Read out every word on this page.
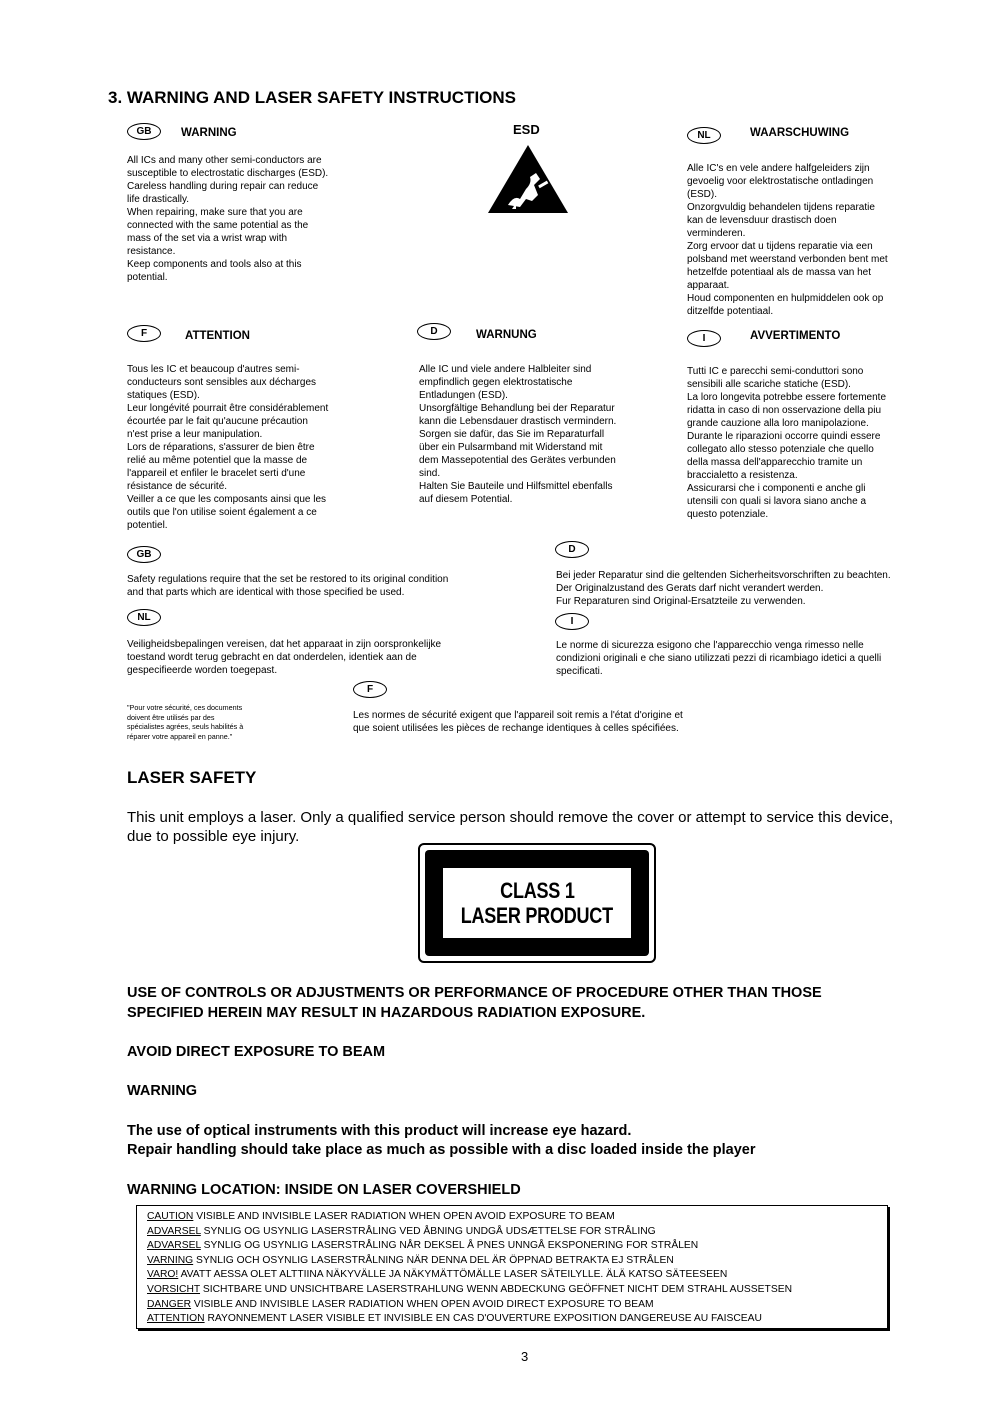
3. WARNING AND LASER SAFETY INSTRUCTIONS
GB	WARNING
All ICs and many other semi-conductors are
susceptible to electrostatic discharges (ESD).
Careless handling during repair can reduce
life drastically.
When repairing, make sure that you are
connected with the same potential as the
mass of the set via a wrist wrap with
resistance.
Keep components and tools also at this
potential.
ESD	NL	WAARSCHUWING
Alle IC's en vele andere halfgeleiders zijn
gevoelig voor elektrostatische ontladingen
(ESD).
Onzorgvuldig behandelen tijdens reparatie
kan de levensduur drastisch doen
verminderen.
Zorg ervoor dat u tijdens reparatie via een
polsband met weerstand verbonden bent met
hetzelfde potentiaal als de massa van het
apparaat.
Houd componenten en hulpmiddelen ook op
ditzelfde potentiaal.
F	ATTENTION
Tous les IC et beaucoup d'autres semi-
conducteurs sont sensibles aux décharges
statiques (ESD).
Leur longévité pourrait être considérablement
écourtée par le fait qu'aucune précaution
n'est prise a leur manipulation.
Lors de réparations, s'assurer de bien être
relié au même potentiel que la masse de
l'appareil et enfiler le bracelet serti d'une
résistance de sécurité.
Veiller a ce que les composants ainsi que les
outils que l'on utilise soient également a ce
potentiel.
D	WARNUNG
Alle IC und viele andere Halbleiter sind
empfindlich gegen elektrostatische
Entladungen (ESD).
Unsorgfältige Behandlung bei der Reparatur
kann die Lebensdauer drastisch vermindern.
Sorgen sie dafür, das Sie im Reparaturfall
über ein Pulsarmband mit Widerstand mit
dem Massepotential des Gerätes verbunden
sind.
Halten Sie Bauteile und Hilfsmittel ebenfalls
auf diesem Potential.
I	AVVERTIMENTO
Tutti IC e parecchi semi-conduttori sono
sensibili alle scariche statiche (ESD).
La loro longevita potrebbe essere fortemente
ridatta in caso di non osservazione della piu
grande cauzione alla loro manipolazione.
Durante le riparazioni occorre quindi essere
collegato allo stesso potenziale che quello
della massa dell'apparecchio tramite un
braccialetto a resistenza.
Assicurarsi che i componenti e anche gli
utensili con quali si lavora siano anche a
questo potenziale.
GB
Safety regulations require that the set be restored to its original condition
and that parts which are identical with those specified be used.
D
Bei jeder Reparatur sind die geltenden Sicherheitsvorschriften zu beachten.
Der Originalzustand des Gerats darf nicht verandert werden.
Fur Reparaturen sind Original-Ersatzteile zu verwenden.
NL
Veiligheidsbepalingen vereisen, dat het apparaat in zijn oorspronkelijke
toestand wordt terug gebracht en dat onderdelen, identiek aan de
gespecifieerde worden toegepast.
I
Le norme di sicurezza esigono che l'apparecchio venga rimesso nelle
condizioni originali e che siano utilizzati pezzi di ricambiago idetici a quelli
specificati.
F
Les normes de sécurité exigent que l'appareil soit remis a l'état d'origine et
que soient utilisées les pièces de rechange identiques à celles spécifiées.
"Pour votre sécurité, ces documents
doivent être utilisés par des
spécialistes agrées, seuls habilités à
réparer votre appareil en panne."
LASER SAFETY
This unit employs a laser. Only a qualified service person should remove the cover or attempt to service this device, due to possible eye injury.
CLASS 1
LASER PRODUCT
USE OF CONTROLS OR ADJUSTMENTS OR PERFORMANCE OF PROCEDURE OTHER THAN THOSE
SPECIFIED HEREIN MAY RESULT IN HAZARDOUS RADIATION EXPOSURE.
AVOID DIRECT EXPOSURE TO BEAM
WARNING
The use of optical instruments with this product will increase eye hazard.
Repair handling should take place as much as possible with a disc loaded inside the player
WARNING LOCATION: INSIDE ON LASER COVERSHIELD
CAUTION VISIBLE AND INVISIBLE LASER RADIATION WHEN OPEN AVOID EXPOSURE TO BEAM
ADVARSEL SYNLIG OG USYNLIG LASERSTRÅLING VED ÅBNING UNDGÅ UDSÆTTELSE FOR STRÅLING
ADVARSEL SYNLIG OG USYNLIG LASERSTRÅLING NÅR DEKSEL Å PNES UNNGÅ EKSPONERING FOR STRÅLEN
VARNING SYNLIG OCH OSYNLIG LASERSTRÅLNING NÄR DENNA DEL ÄR ÖPPNAD BETRAKTA EJ STRÅLEN
VARO! AVATT AESSA OLET ALTTIINA NÄKYVÄLLE JA NÄKYMÄTTÖMÄLLE LASER SÄTEILYLLE. ÄLÄ KATSO SÄTEESEEN
VORSICHT SICHTBARE UND UNSICHTBARE LASERSTRAHLUNG WENN ABDECKUNG GEÖFFNET NICHT DEM STRAHL AUSSETSEN
DANGER VISIBLE AND INVISIBLE LASER RADIATION WHEN OPEN AVOID DIRECT EXPOSURE TO BEAM
ATTENTION RAYONNEMENT LASER VISIBLE ET INVISIBLE EN CAS D'OUVERTURE EXPOSITION DANGEREUSE AU FAISCEAU
3
